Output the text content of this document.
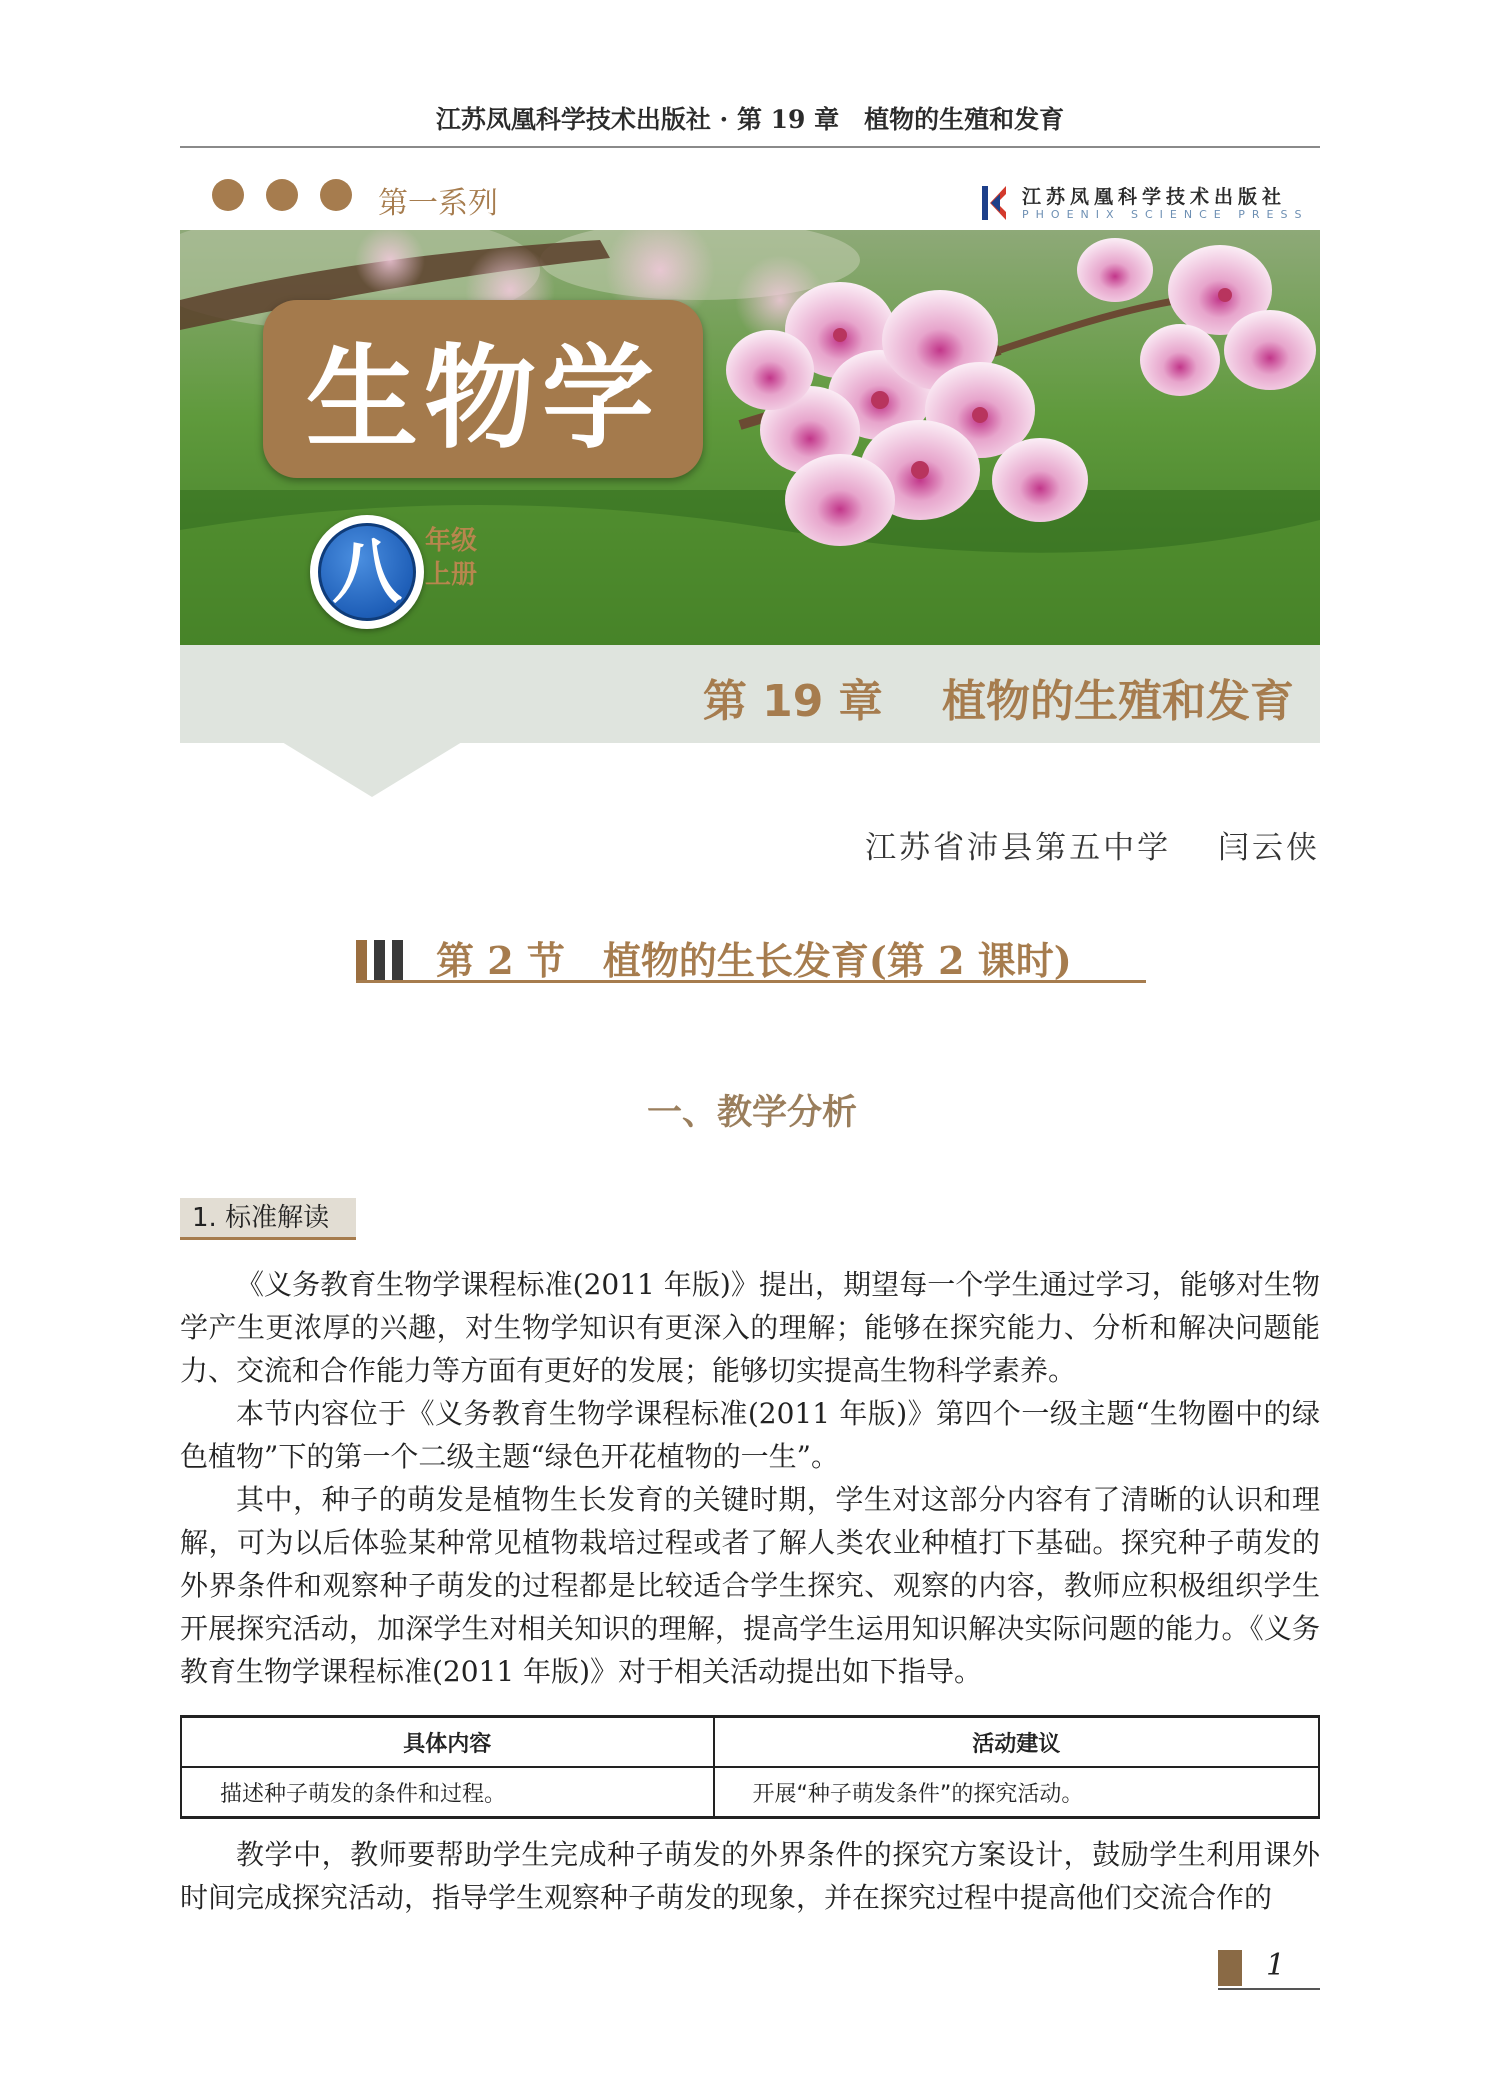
江苏凤凰科学技术出版社 · 第 19 章　植物的生殖和发育
第一系列	江苏凤凰科学技术出版社
PHOENIX SCIENCE PRESS
生物学
八 年级
上册
第 19 章　 植物的生殖和发育
江苏省沛县第五中学　 闫云侠
第 2 节　植物的生长发育(第 2 课时)
一、教学分析
1. 标准解读

《义务教育生物学课程标准(2011 年版)》提出，期望每一个学生通过学习，能够对生物学产生更浓厚的兴趣，对生物学知识有更深入的理解；能够在探究能力、分析和解决问题能力、交流和合作能力等方面有更好的发展；能够切实提高生物科学素养。

本节内容位于《义务教育生物学课程标准(2011 年版)》第四个一级主题“生物圈中的绿色植物”下的第一个二级主题“绿色开花植物的一生”。

其中，种子的萌发是植物生长发育的关键时期，学生对这部分内容有了清晰的认识和理解，可为以后体验某种常见植物栽培过程或者了解人类农业种植打下基础。探究种子萌发的外界条件和观察种子萌发的过程都是比较适合学生探究、观察的内容，教师应积极组织学生开展探究活动，加深学生对相关知识的理解，提高学生运用知识解决实际问题的能力。《义务教育生物学课程标准(2011 年版)》对于相关活动提出如下指导。

具体内容	活动建议
描述种子萌发的条件和过程。	开展“种子萌发条件”的探究活动。

教学中，教师要帮助学生完成种子萌发的外界条件的探究方案设计，鼓励学生利用课外时间完成探究活动，指导学生观察种子萌发的现象，并在探究过程中提高他们交流合作的

1
